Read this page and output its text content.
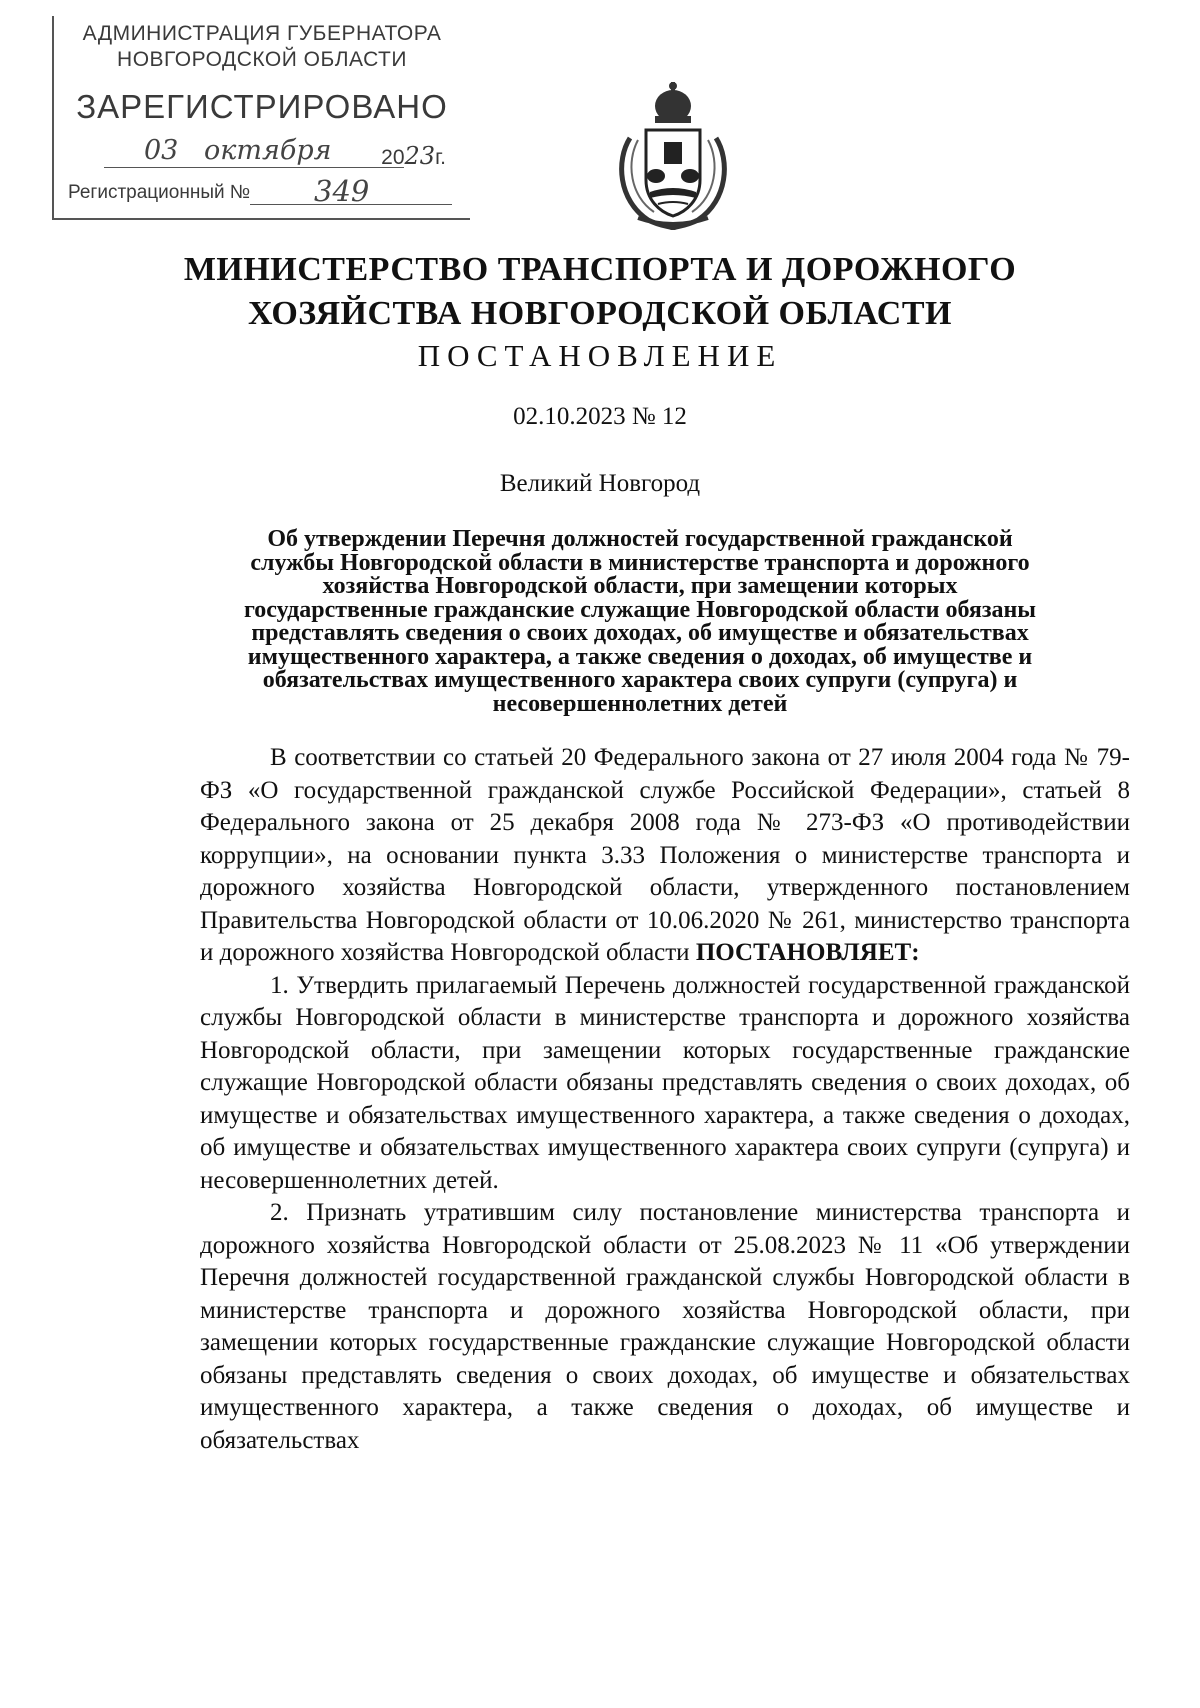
АДМИНИСТРАЦИЯ ГУБЕРНАТОРА
НОВГОРОДСКОЙ ОБЛАСТИ
ЗАРЕГИСТРИРОВАНО
03 октября 2023г.
Регистрационный № 349
МИНИСТЕРСТВО ТРАНСПОРТА И ДОРОЖНОГО
ХОЗЯЙСТВА НОВГОРОДСКОЙ ОБЛАСТИ
ПОСТАНОВЛЕНИЕ
02.10.2023 № 12
Великий Новгород
Об утверждении Перечня должностей государственной гражданской
службы Новгородской области в министерстве транспорта и дорожного
хозяйства Новгородской области, при замещении которых
государственные гражданские служащие Новгородской области обязаны
представлять сведения о своих доходах, об имуществе и обязательствах
имущественного характера, а также сведения о доходах, об имуществе и
обязательствах имущественного характера своих супруги (супруга) и
несовершеннолетних детей

В соответствии со статьей 20 Федерального закона от 27 июля 2004 года № 79-ФЗ «О государственной гражданской службе Российской Федерации», статьей 8 Федерального закона от 25 декабря 2008 года № 273-ФЗ «О противодействии коррупции», на основании пункта 3.33 Положения о министерстве транспорта и дорожного хозяйства Новгородской области, утвержденного постановлением Правительства Новгородской области от 10.06.2020 № 261, министерство транспорта и дорожного хозяйства Новгородской области ПОСТАНОВЛЯЕТ:

1. Утвердить прилагаемый Перечень должностей государственной гражданской службы Новгородской области в министерстве транспорта и дорожного хозяйства Новгородской области, при замещении которых государственные гражданские служащие Новгородской области обязаны представлять сведения о своих доходах, об имуществе и обязательствах имущественного характера, а также сведения о доходах, об имуществе и обязательствах имущественного характера своих супруги (супруга) и несовершеннолетних детей.

2. Признать утратившим силу постановление министерства транспорта и дорожного хозяйства Новгородской области от 25.08.2023 № 11 «Об утверждении Перечня должностей государственной гражданской службы Новгородской области в министерстве транспорта и дорожного хозяйства Новгородской области, при замещении которых государственные гражданские служащие Новгородской области обязаны представлять сведения о своих доходах, об имуществе и обязательствах имущественного характера, а также сведения о доходах, об имуществе и обязательствах
